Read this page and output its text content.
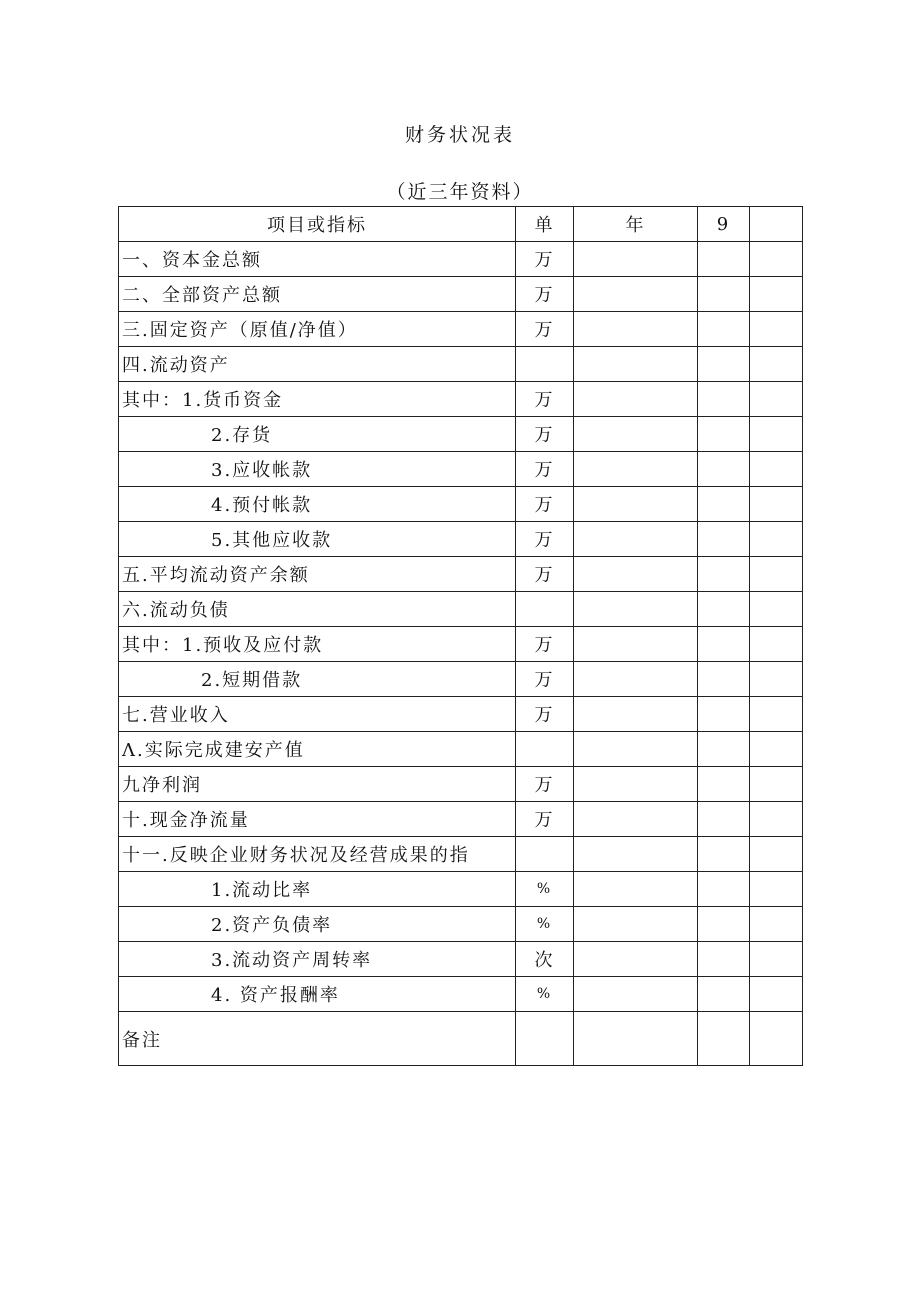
财务状况表
（近三年资料）
项目或指标	单	年	9	
一、资本金总额	万			
二、全部资产总额	万			
三.固定资产（原值/净值）	万			
四.流动资产				
其中：1.货币资金	万			
2.存货	万			
3.应收帐款	万			
4.预付帐款	万			
5.其他应收款	万			
五.平均流动资产余额	万			
六.流动负债				
其中：1.预收及应付款	万			
2.短期借款	万			
七.营业收入	万			
Λ.实际完成建安产值				
九净利润	万			
十.现金净流量	万			
十一.反映企业财务状况及经营成果的指				
1.流动比率	%			
2.资产负债率	%			
3.流动资产周转率	次			
4. 资产报酬率	%			
备注				
